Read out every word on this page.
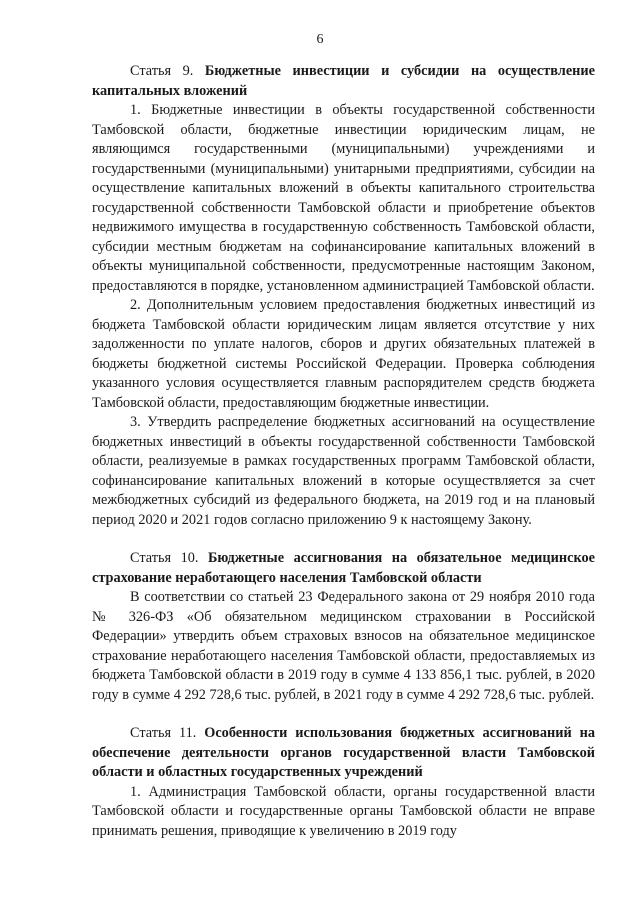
6

Статья 9. Бюджетные инвестиции и субсидии на осуществление капитальных вложений

1. Бюджетные инвестиции в объекты государственной собственности Тамбовской области, бюджетные инвестиции юридическим лицам, не являющимся государственными (муниципальными) учреждениями и государственными (муниципальными) унитарными предприятиями, субсидии на осуществление капитальных вложений в объекты капитального строительства государственной собственности Тамбовской области и приобретение объектов недвижимого имущества в государственную собственность Тамбовской области, субсидии местным бюджетам на софинансирование капитальных вложений в объекты муниципальной собственности, предусмотренные настоящим Законом, предоставляются в порядке, установленном администрацией Тамбовской области.

2. Дополнительным условием предоставления бюджетных инвестиций из бюджета Тамбовской области юридическим лицам является отсутствие у них задолженности по уплате налогов, сборов и других обязательных платежей в бюджеты бюджетной системы Российской Федерации. Проверка соблюдения указанного условия осуществляется главным распорядителем средств бюджета Тамбовской области, предоставляющим бюджетные инвестиции.

3. Утвердить распределение бюджетных ассигнований на осуществление бюджетных инвестиций в объекты государственной собственности Тамбовской области, реализуемые в рамках государственных программ Тамбовской области, софинансирование капитальных вложений в которые осуществляется за счет межбюджетных субсидий из федерального бюджета, на 2019 год и на плановый период 2020 и 2021 годов согласно приложению 9 к настоящему Закону.

Статья 10. Бюджетные ассигнования на обязательное медицинское страхование неработающего населения Тамбовской области

В соответствии со статьей 23 Федерального закона от 29 ноября 2010 года № 326-ФЗ «Об обязательном медицинском страховании в Российской Федерации» утвердить объем страховых взносов на обязательное медицинское страхование неработающего населения Тамбовской области, предоставляемых из бюджета Тамбовской области в 2019 году в сумме 4 133 856,1 тыс. рублей, в 2020 году в сумме 4 292 728,6 тыс. рублей, в 2021 году в сумме 4 292 728,6 тыс. рублей.

Статья 11. Особенности использования бюджетных ассигнований на обеспечение деятельности органов государственной власти Тамбовской области и областных государственных учреждений

1. Администрация Тамбовской области, органы государственной власти Тамбовской области и государственные органы Тамбовской области не вправе принимать решения, приводящие к увеличению в 2019 году
